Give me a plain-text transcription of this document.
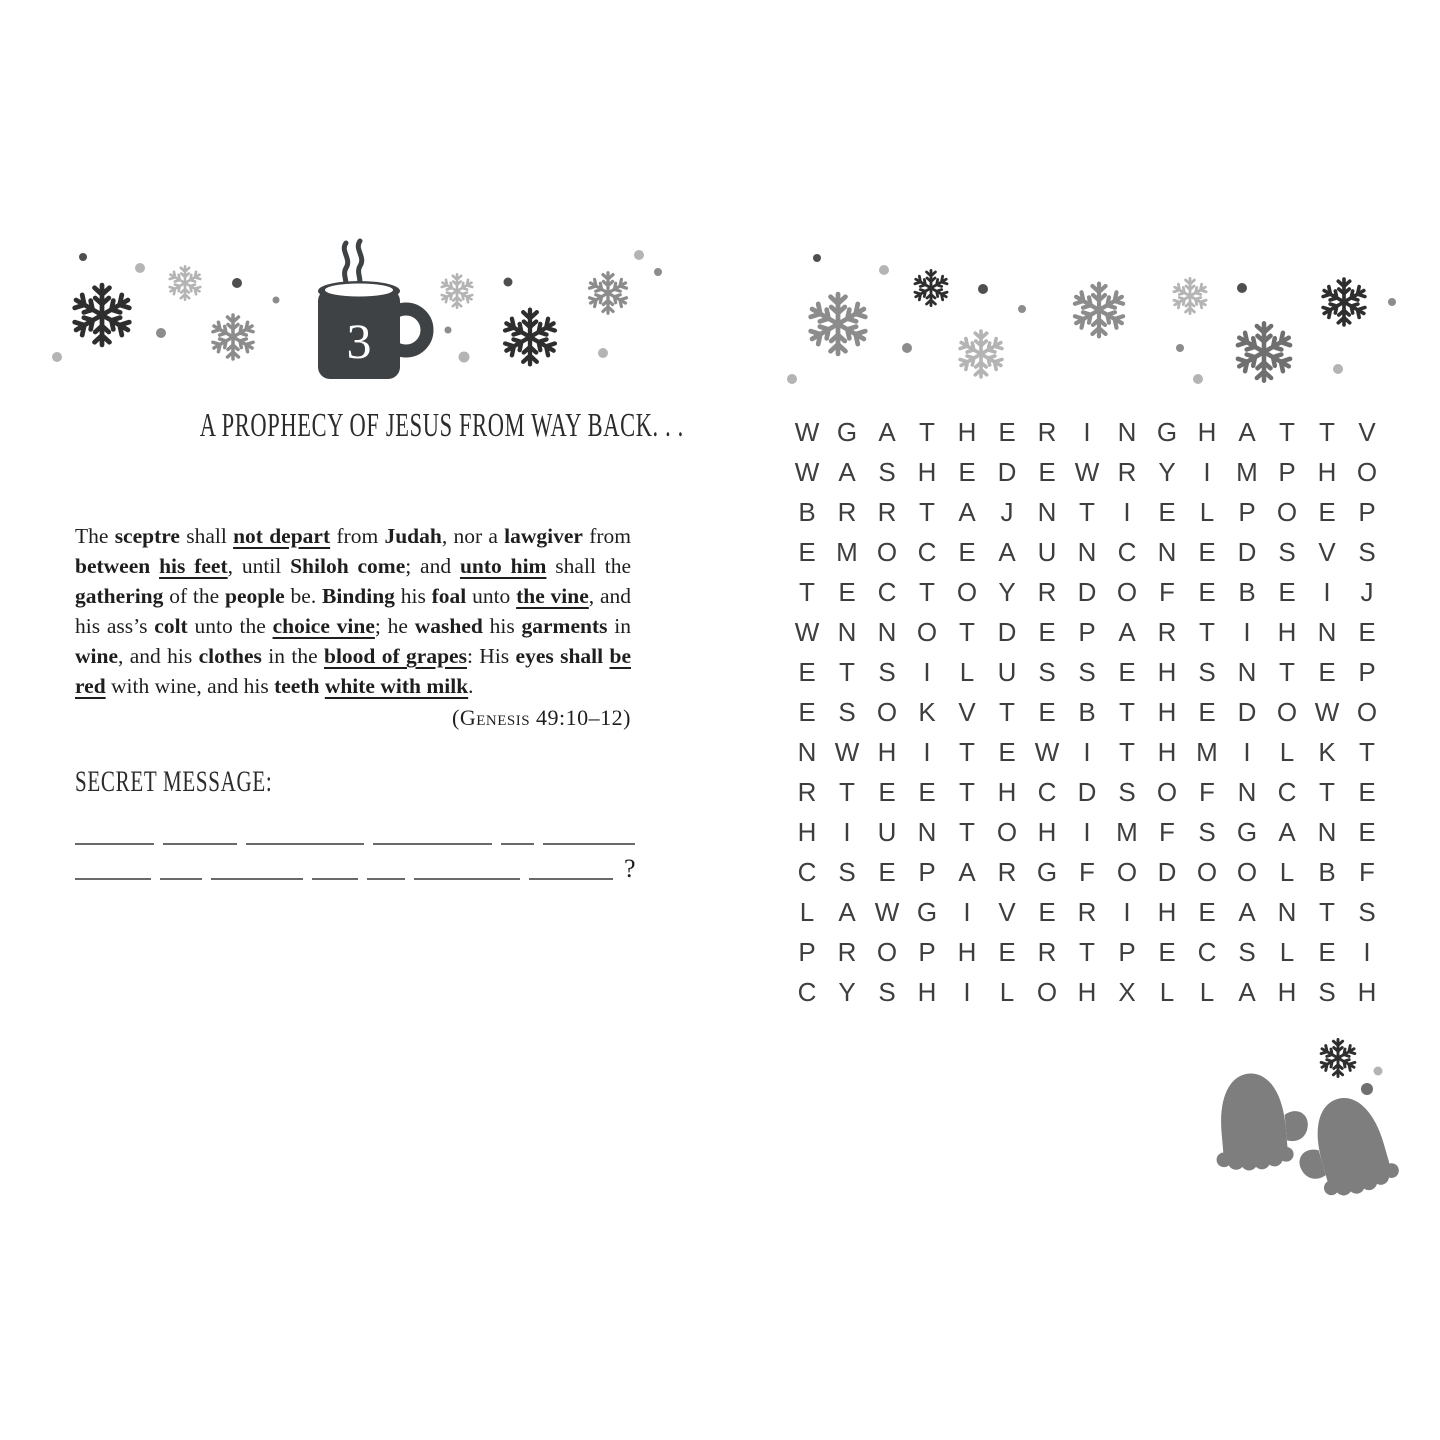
3
A PROPHECY OF JESUS FROM WAY BACK. . .

The sceptre shall not depart from Judah, nor a lawgiver from between his feet, until Shiloh come; and unto him shall the gathering of the people be. Binding his foal unto the vine, and his ass’s colt unto the choice vine; he washed his garments in wine, and his clothes in the blood of grapes: His eyes shall be red with wine, and his teeth white with milk.

(Genesis 49:10–12)
SECRET MESSAGE:
?
W G A T H E R	I	N G H A T T V
W A S H E D E W R Y	I M P H O
B R R T A J N T	I	E L P O E P
E M O C E A U N C N E D S V S
T E C T O Y R D O F E B E	I	J
W N N O T D E P A R T	I	H N E
E T S	I	L U S S E H S N T E P
E S O K V T E B T H E D O W O
N W H	I	T E W I	T H M I	L K T
R T E E T H C D S O F N C T E
H	I	U N T O H	I M F S G A N E
C S E P A R G F O D O O L B F
L A W G	I	V E R	I	H E A N T S
P R O P H E R T P E C S L E	I
C Y S H	I	L O H X L L A H S H
